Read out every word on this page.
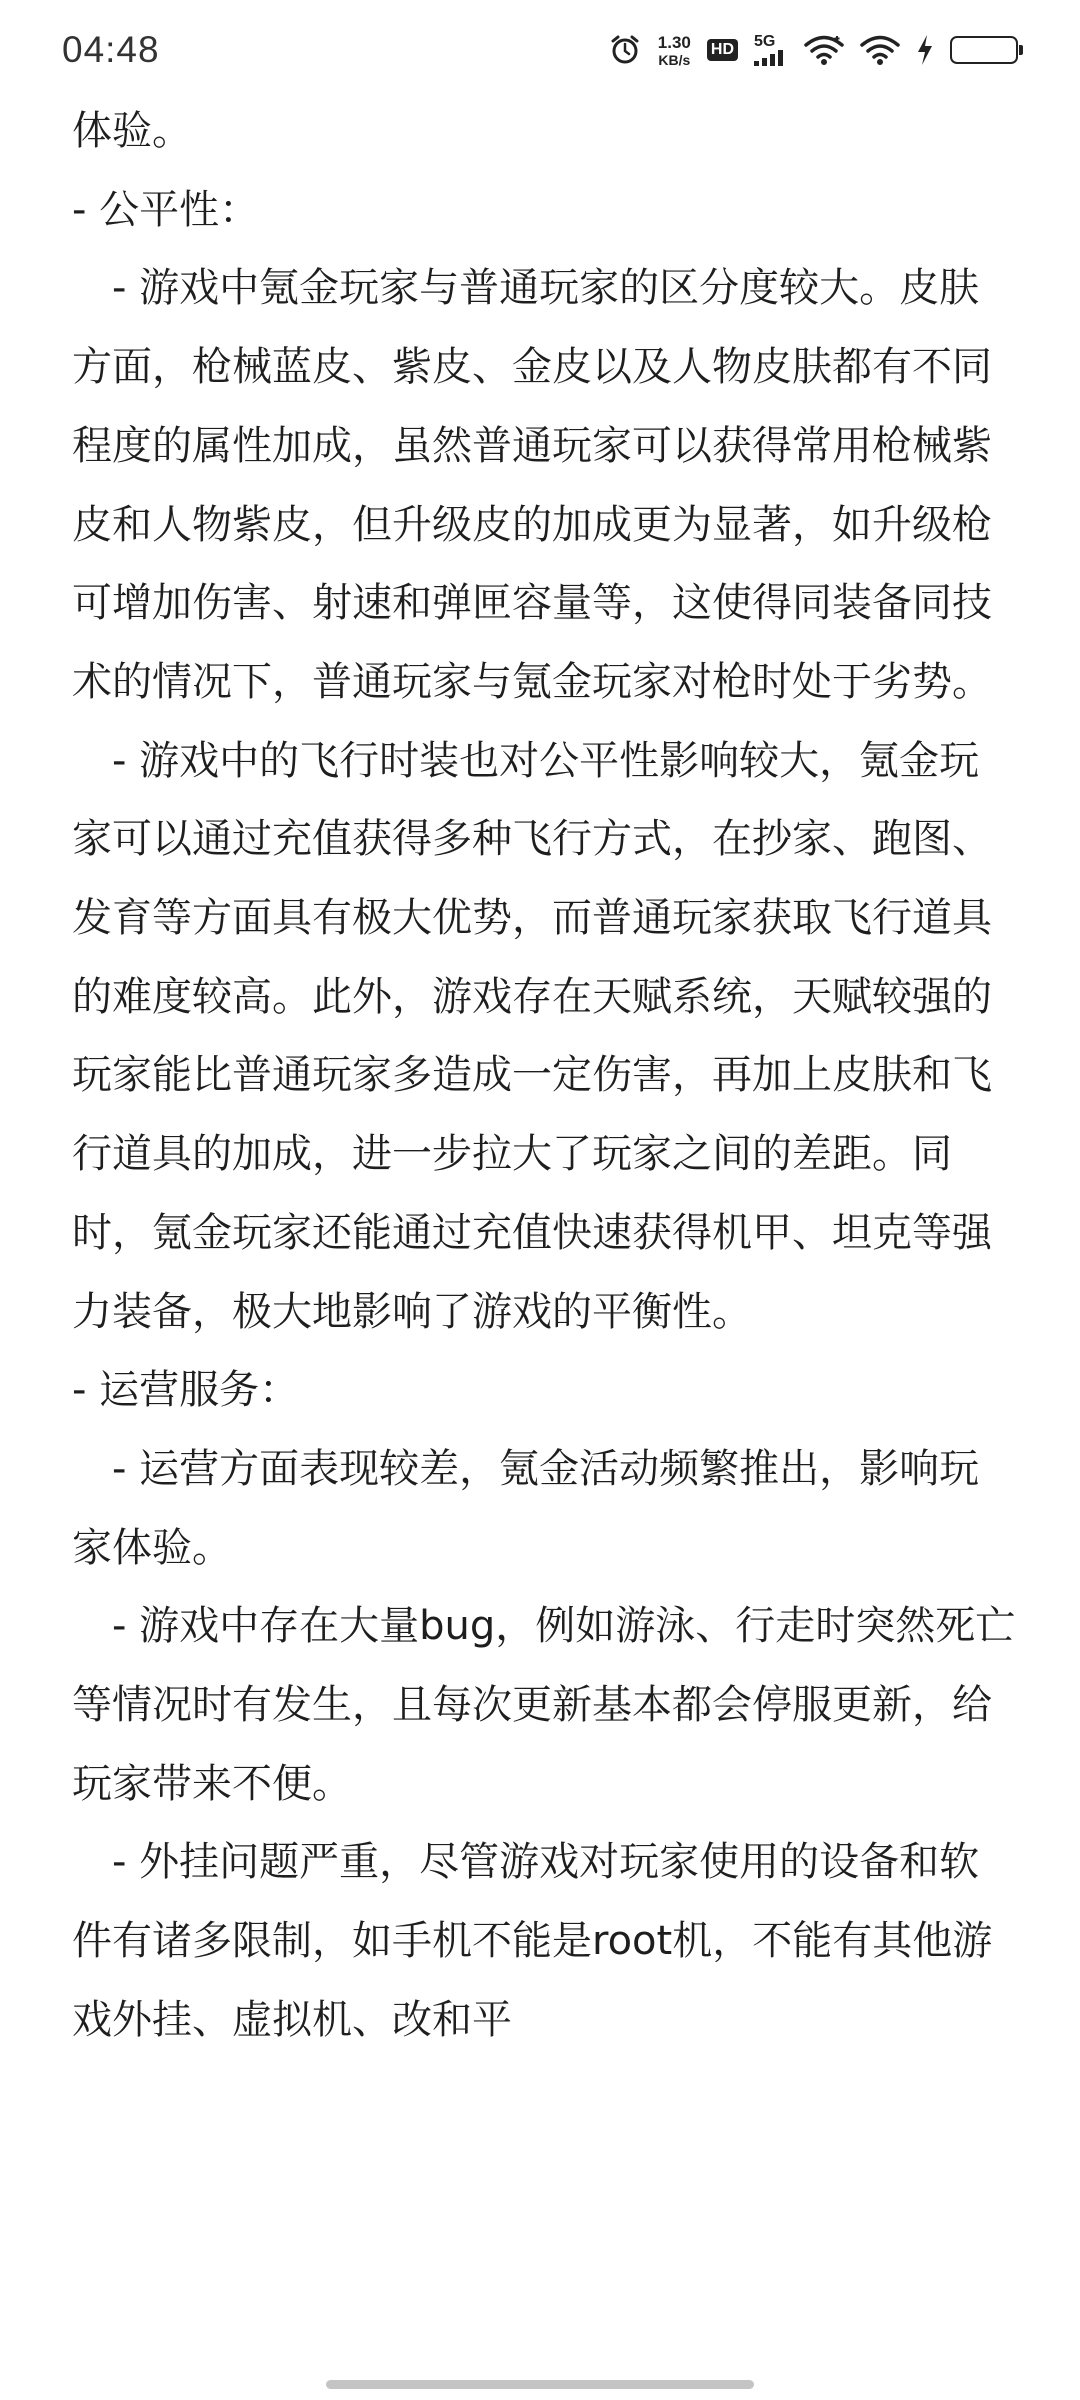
04:48	1.30
KB/s
HD 5G

体验。

- 公平性：

- 游戏中氪金玩家与普通玩家的区分度较大。皮肤方面，枪械蓝皮、紫皮、金皮以及人物皮肤都有不同程度的属性加成，虽然普通玩家可以获得常用枪械紫皮和人物紫皮，但升级皮的加成更为显著，如升级枪可增加伤害、射速和弹匣容量等，这使得同装备同技术的情况下，普通玩家与氪金玩家对枪时处于劣势。

- 游戏中的飞行时装也对公平性影响较大，氪金玩家可以通过充值获得多种飞行方式，在抄家、跑图、发育等方面具有极大优势，而普通玩家获取飞行道具的难度较高。此外，游戏存在天赋系统，天赋较强的玩家能比普通玩家多造成一定伤害，再加上皮肤和飞行道具的加成，进一步拉大了玩家之间的差距。同时，氪金玩家还能通过充值快速获得机甲、坦克等强力装备，极大地影响了游戏的平衡性。

- 运营服务：

- 运营方面表现较差，氪金活动频繁推出，影响玩家体验。

- 游戏中存在大量bug，例如游泳、行走时突然死亡等情况时有发生，且每次更新基本都会停服更新，给玩家带来不便。

- 外挂问题严重，尽管游戏对玩家使用的设备和软件有诸多限制，如手机不能是root机，不能有其他游戏外挂、虚拟机、改和平
